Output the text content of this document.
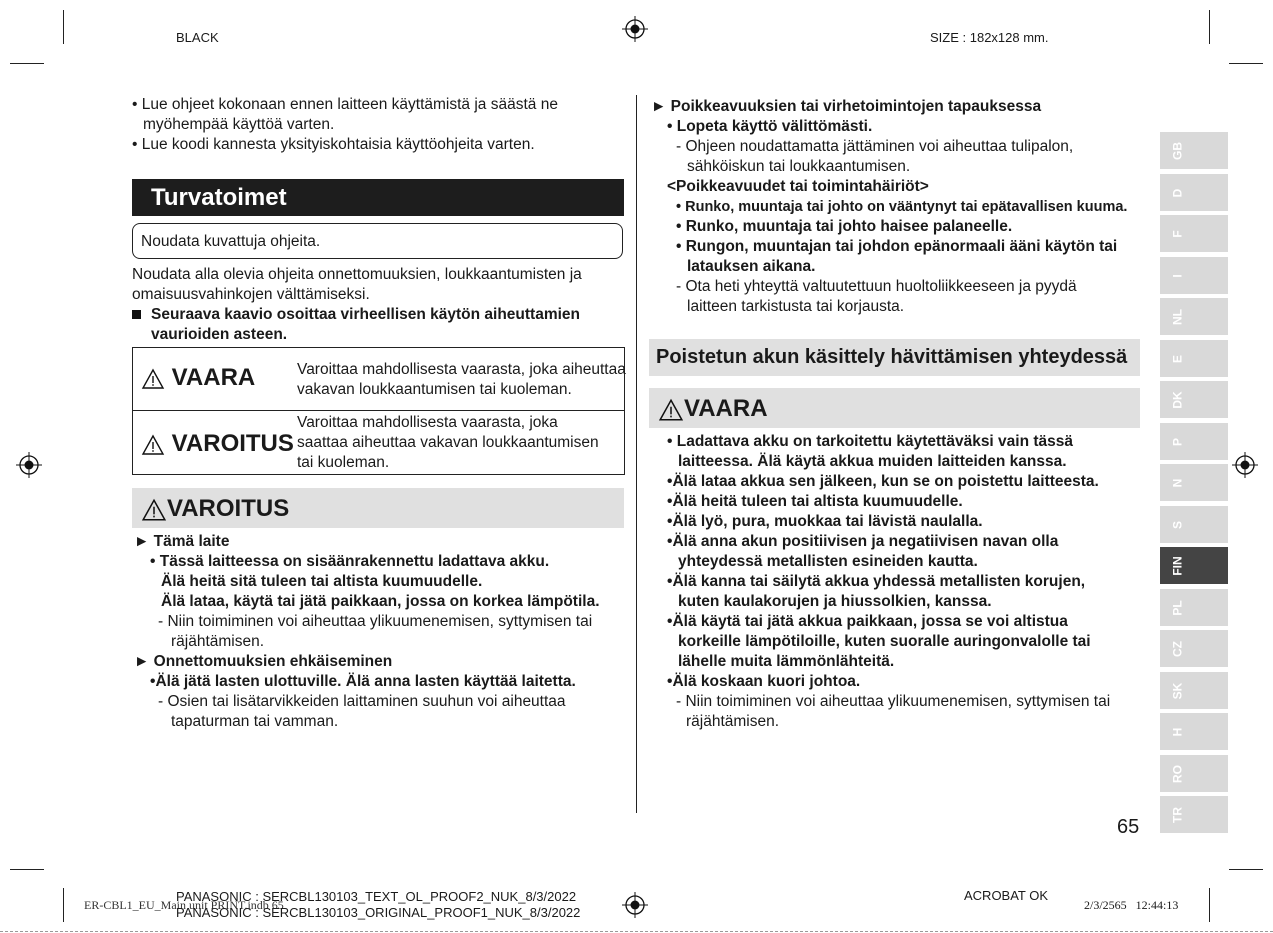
BLACK	SIZE : 182x128 mm.
• Lue ohjeet kokonaan ennen laitteen käyttämistä ja säästä ne
myöhempää käyttöä varten.
• Lue koodi kannesta yksityiskohtaisia käyttöohjeita varten.
Turvatoimet
Noudata kuvattuja ohjeita.
Noudata alla olevia ohjeita onnettomuuksien, loukkaantumisten ja
omaisuusvahinkojen välttämiseksi.
Seuraava kaavio osoittaa virheellisen käytön aiheuttamien
vaurioiden asteen.
VAARA	Varoittaa mahdollisesta vaarasta, joka aiheuttaa
vakavan loukkaantumisen tai kuoleman.
VAROITUS
Varoittaa mahdollisesta vaarasta, joka
saattaa aiheuttaa vakavan loukkaantumisen
tai kuoleman.
VAROITUS
► Tämä laite
• Tässä laitteessa on sisäänrakennettu ladattava akku.
Älä heitä sitä tuleen tai altista kuumuudelle.
Älä lataa, käytä tai jätä paikkaan, jossa on korkea lämpötila.
- Niin toimiminen voi aiheuttaa ylikuumenemisen, syttymisen tai
räjähtämisen.
► Onnettomuuksien ehkäiseminen
•Älä jätä lasten ulottuville. Älä anna lasten käyttää laitetta.
- Osien tai lisätarvikkeiden laittaminen suuhun voi aiheuttaa
tapaturman tai vamman.
► Poikkeavuuksien tai virhetoimintojen tapauksessa
• Lopeta käyttö välittömästi.
- Ohjeen noudattamatta jättäminen voi aiheuttaa tulipalon,
sähköiskun tai loukkaantumisen.
<Poikkeavuudet tai toimintahäiriöt>
• Runko, muuntaja tai johto on vääntynyt tai epätavallisen kuuma.
• Runko, muuntaja tai johto haisee palaneelle.
• Rungon, muuntajan tai johdon epänormaali ääni käytön tai
latauksen aikana.
- Ota heti yhteyttä valtuutettuun huoltoliikkeeseen ja pyydä
laitteen tarkistusta tai korjausta.
Poistetun akun käsittely hävittämisen yhteydessä
VAARA
• Ladattava akku on tarkoitettu käytettäväksi vain tässä
laitteessa. Älä käytä akkua muiden laitteiden kanssa.
•Älä lataa akkua sen jälkeen, kun se on poistettu laitteesta.
•Älä heitä tuleen tai altista kuumuudelle.
•Älä lyö, pura, muokkaa tai lävistä naulalla.
•Älä anna akun positiivisen ja negatiivisen navan olla
yhteydessä metallisten esineiden kautta.
•Älä kanna tai säilytä akkua yhdessä metallisten korujen,
kuten kaulakorujen ja hiussolkien, kanssa.
•Älä käytä tai jätä akkua paikkaan, jossa se voi altistua
korkeille lämpötiloille, kuten suoralle auringonvalolle tai
lähelle muita lämmönlähteitä.
•Älä koskaan kuori johtoa.
- Niin toimiminen voi aiheuttaa ylikuumenemisen, syttymisen tai
räjähtämisen.
GB
D
F
I
NL
E
DK
P
N
S
FIN
PL
CZ
SK
H
RO
TR
65
ER-CBL1_EU_Main unit PRINT.indb 65
PANASONIC : SERCBL130103_TEXT_OL_PROOF2_NUK_8/3/2022
PANASONIC : SERCBL130103_ORIGINAL_PROOF1_NUK_8/3/2022
ACROBAT OK
2/3/2565   12:44:13
